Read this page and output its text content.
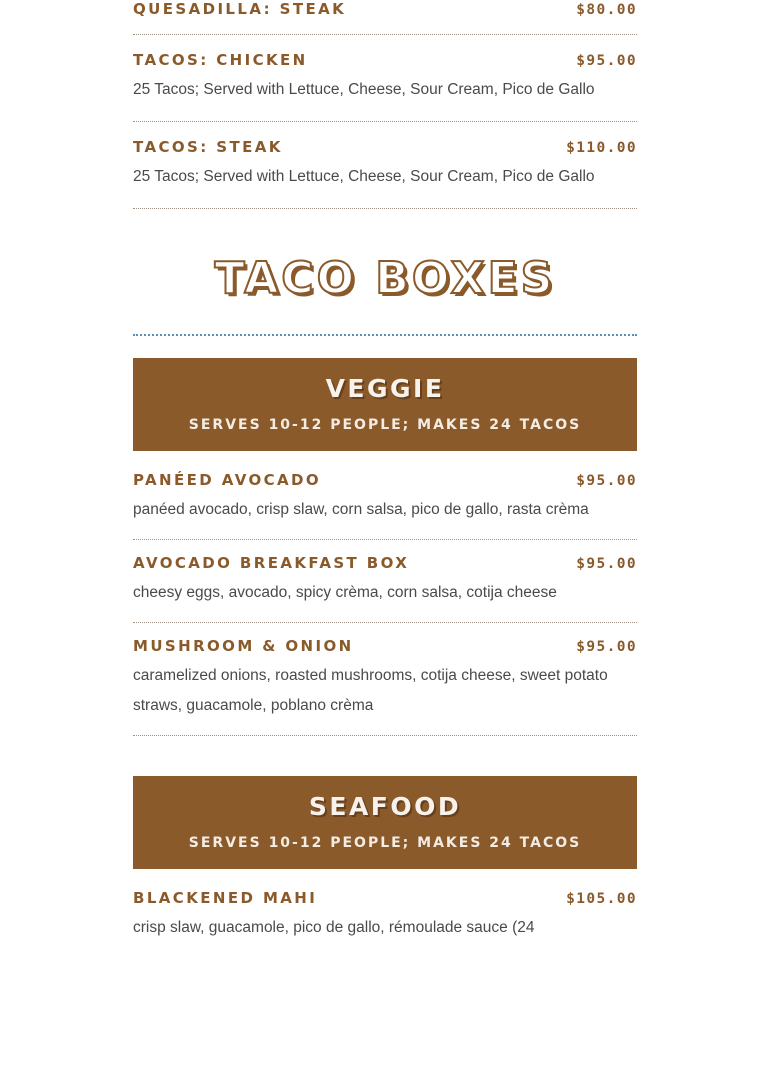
QUESADILLA: STEAK	$80.00
TACOS: CHICKEN	$95.00
25 Tacos; Served with Lettuce, Cheese, Sour Cream, Pico de Gallo
TACOS: STEAK	$110.00
25 Tacos; Served with Lettuce, Cheese, Sour Cream, Pico de Gallo
TACO BOXES
VEGGIE
SERVES 10-12 PEOPLE; MAKES 24 TACOS
PANÉED AVOCADO	$95.00
panéed avocado, crisp slaw, corn salsa, pico de gallo, rasta crèma
AVOCADO BREAKFAST BOX	$95.00
cheesy eggs, avocado, spicy crèma, corn salsa, cotija cheese
MUSHROOM & ONION	$95.00
caramelized onions, roasted mushrooms, cotija cheese, sweet potato straws, guacamole, poblano crèma
SEAFOOD
SERVES 10-12 PEOPLE; MAKES 24 TACOS
BLACKENED MAHI	$105.00
crisp slaw, guacamole, pico de gallo, rémoulade sauce (24
